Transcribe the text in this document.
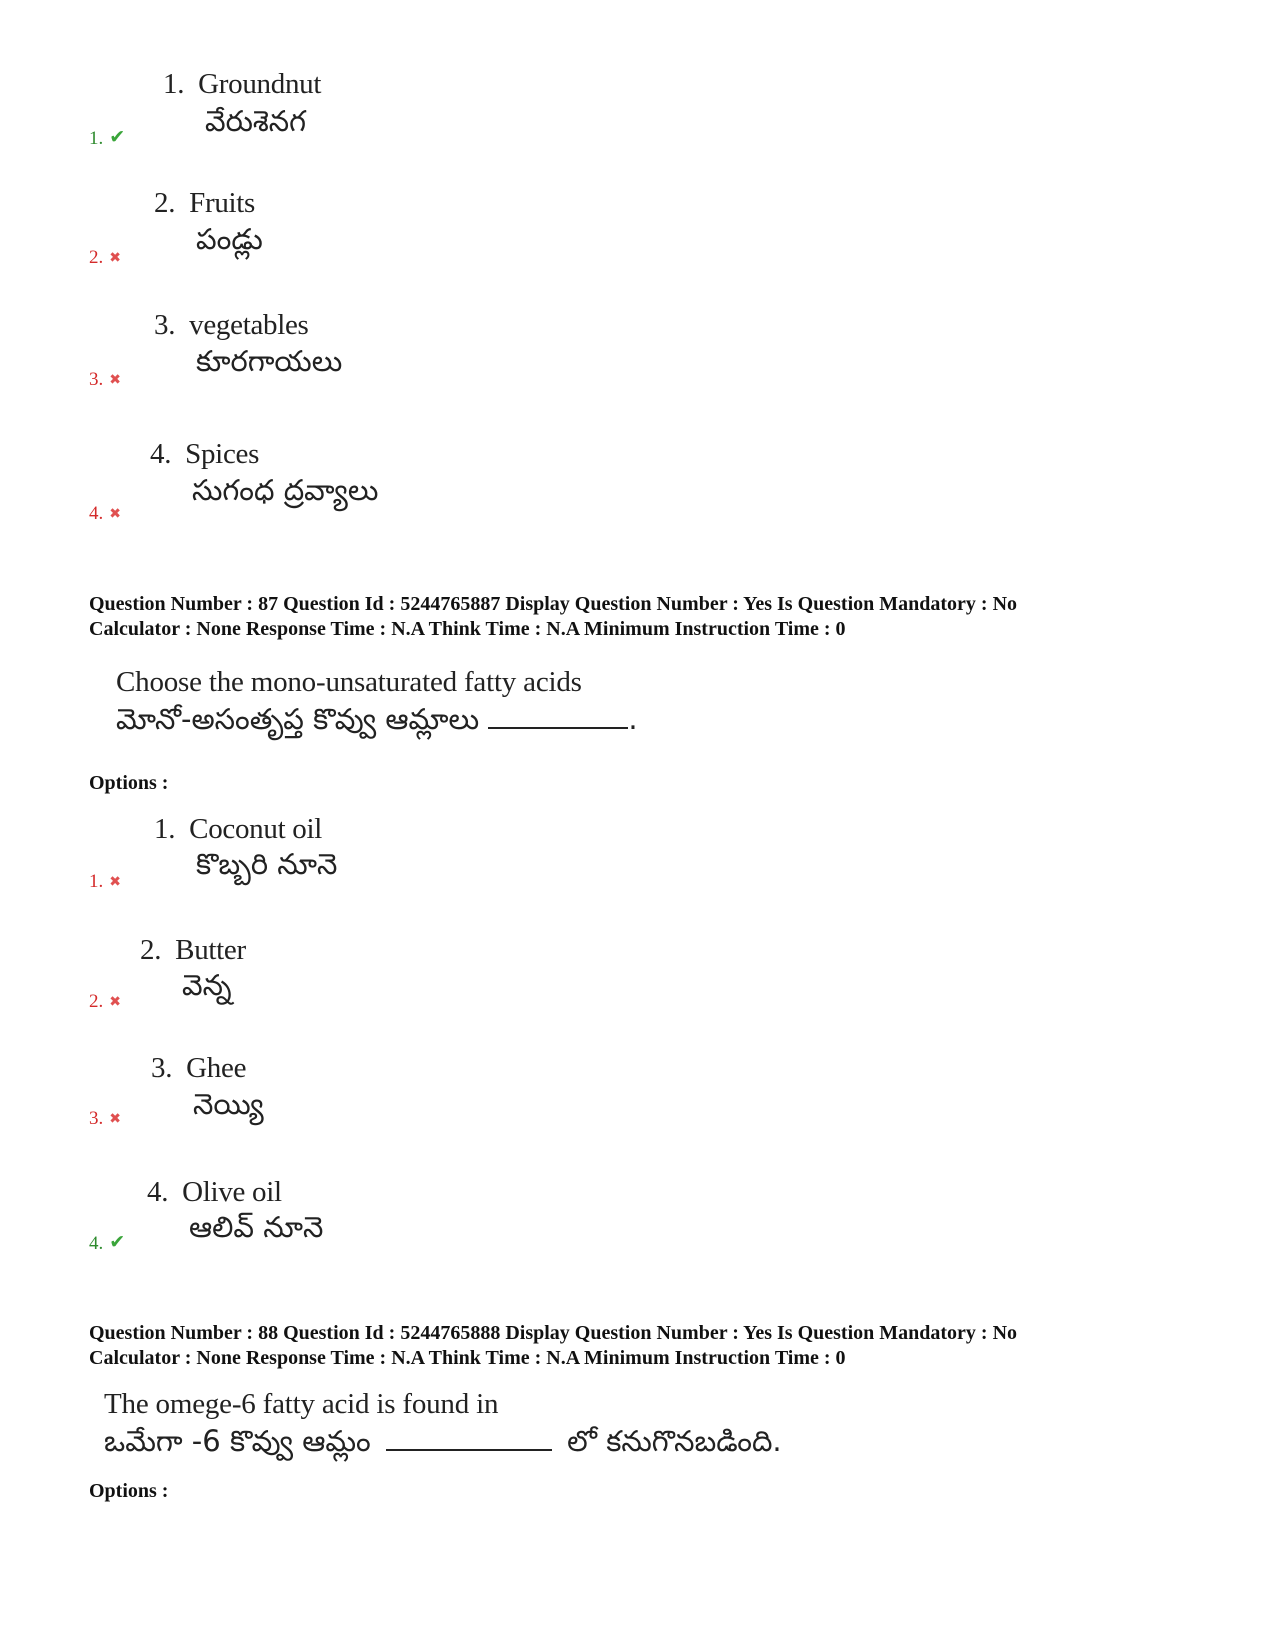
1. Groundnut
వేరుశెనగ
1. ✔
2. Fruits
పండ్లు
2. ✖
3. vegetables
కూరగాయలు
3. ✖
4. Spices
సుగంధ ద్రవ్యాలు
4. ✖
Question Number : 87 Question Id : 5244765887 Display Question Number : Yes Is Question Mandatory : No
Calculator : None Response Time : N.A Think Time : N.A Minimum Instruction Time : 0
Choose the mono-unsaturated fatty acids
మోనో-అసంతృప్త కొవ్వు ఆమ్లాలు	.
Options :
1. Coconut oil
కొబ్బరి నూనె
1. ✖
2. Butter
వెన్న
2. ✖
3. Ghee
నెయ్యి
3. ✖
4. Olive oil
ఆలివ్ నూనె
4. ✔
Question Number : 88 Question Id : 5244765888 Display Question Number : Yes Is Question Mandatory : No
Calculator : None Response Time : N.A Think Time : N.A Minimum Instruction Time : 0
The omege-6 fatty acid is found in
ఒమేగా -6 కొవ్వు ఆమ్లం	లో కనుగొనబడింది.
Options :
